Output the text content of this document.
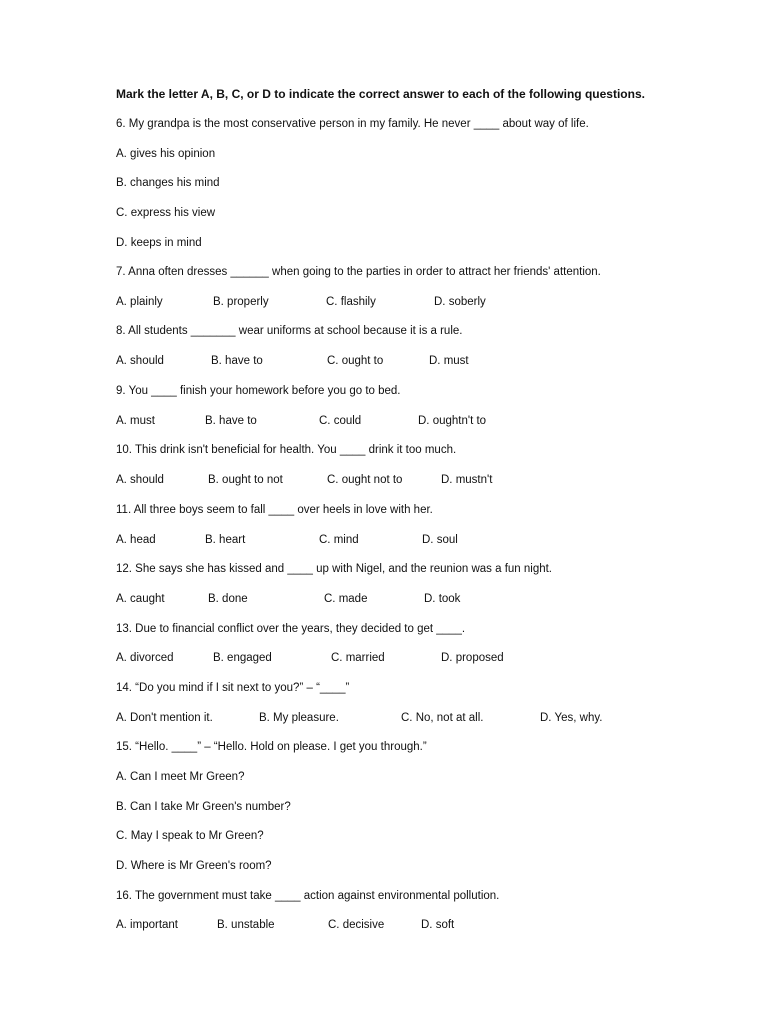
Mark the letter A, B, C, or D to indicate the correct answer to each of the following questions.
6. My grandpa is the most conservative person in my family. He never ____ about way of life.
A. gives his opinion
B. changes his mind
C. express his view
D. keeps in mind
7. Anna often dresses ______ when going to the parties in order to attract her friends' attention.
A. plainly	B. properly	C. flashily	D. soberly
8. All students _______ wear uniforms at school because it is a rule.
A. should	B. have to	C. ought to	D. must
9. You ____ finish your homework before you go to bed.
A. must	B. have to	C. could	D. oughtn't to
10. This drink isn't beneficial for health. You ____ drink it too much.
A. should	B. ought to not	C. ought not to	D. mustn't
11. All three boys seem to fall ____ over heels in love with her.
A. head	B. heart	C. mind	D. soul
12. She says she has kissed and ____ up with Nigel, and the reunion was a fun night.
A. caught	B. done	C. made	D. took
13. Due to financial conflict over the years, they decided to get ____.
A. divorced	B. engaged	C. married	D. proposed
14. “Do you mind if I sit next to you?” – “____”
A. Don't mention it.	B. My pleasure.	C. No, not at all.	D. Yes, why.
15. “Hello. ____” – “Hello. Hold on please. I get you through.”
A. Can I meet Mr Green?
B. Can I take Mr Green's number?
C. May I speak to Mr Green?
D. Where is Mr Green's room?
16. The government must take ____ action against environmental pollution.
A. important	B. unstable	C. decisive	D. soft
